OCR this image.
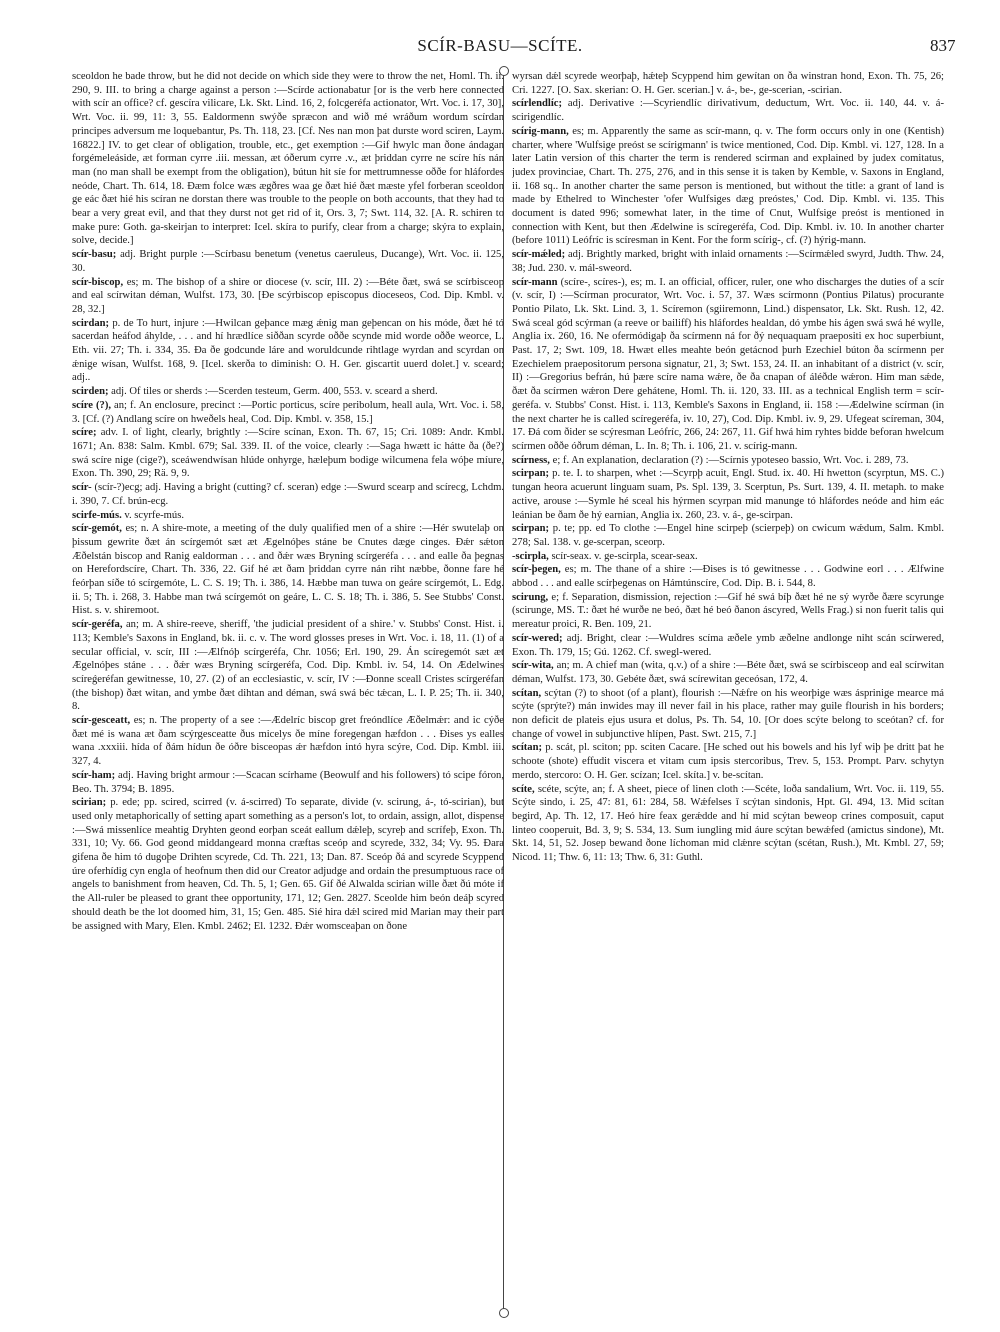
SCÍR-BASU—SCÍTE.	837

sceoldon he bade throw, but he did not decide on which side they were to throw the net, Homl. Th. ii. 290, 9. III. to bring a charge against a person :—Scírde actionabatur [or is the verb here connected with scír an office? cf. gescíra vilicare, Lk. Skt. Lind. 16, 2, folcgeréfa actionator, Wrt. Voc. i. 17, 30], Wrt. Voc. ii. 99, 11: 3, 55. Ealdormenn swýðe spræcon and wið mé wráðum wordum scírdan principes adversum me loquebantur, Ps. Th. 118, 23. [Cf. Nes nan mon þat durste word sciren, Laym. 16822.] IV. to get clear of obligation, trouble, etc., get exemption :—Gif hwylc man ðone ándagan forgémeleáside, æt forman cyrre .iii. messan, æt óðerum cyrre .v., æt þriddan cyrre ne scíre hís nán man (no man shall be exempt from the obligation), bútun hit síe for mettrumnesse oððe for hláfordes neóde, Chart. Th. 614, 18. Ðæm folce wæs ægðres waa ge ðæt hié ðæt mæste yfel forberan sceoldon ge eác ðæt hié his scíran ne dorstan there was trouble to the people on both accounts, that they had to bear a very great evil, and that they durst not get rid of it, Ors. 3, 7; Swt. 114, 32. [A. R. schiren to make pure: Goth. ga-skeirjan to interpret: Icel. skíra to purify, clear from a charge; skýra to explain, solve, decide.]

scír-basu; adj. Bright purple :—Scírbasu benetum (venetus caeruleus, Ducange), Wrt. Voc. ii. 125, 30.

scír-biscop, es; m. The bishop of a shire or diocese (v. scír, III. 2) :—Béte ðæt, swá se scírbisceop and eal scírwitan déman, Wulfst. 173, 30. [Ðe scýrbiscop episcopus dioceseos, Cod. Dip. Kmbl. v. 28, 32.]

scirdan; p. de To hurt, injure :—Hwilcan geþance mæg ǽnig man geþencan on his móde, ðæt hé tó sacerdan heáfod áhylde, . . . and hí hrædlíce siððan scyrde oððe scynde mid worde oððe weorce, L. Eth. vii. 27; Th. i. 334, 35. Ða ðe godcunde láre and woruldcunde rihtlage wyrdan and scyrdan on ǽnige wísan, Wulfst. 168, 9. [Icel. skerða to diminish: O. H. Ger. giscartit uuerd dolet.] v. sceard; adj..

scirden; adj. Of tiles or sherds :—Scerden testeum, Germ. 400, 553. v. sceard a sherd.

scíre (?), an; f. An enclosure, precinct :—Portic porticus, scíre peribolum, heall aula, Wrt. Voc. i. 58, 3. [Cf. (?) Andlang scíre on hweðels heal, Cod. Dip. Kmbl. v. 358, 15.]

scíre; adv. I. of light, clearly, brightly :—Scíre scínan, Exon. Th. 67, 15; Cri. 1089: Andr. Kmbl. 1671; An. 838: Salm. Kmbl. 679; Sal. 339. II. of the voice, clearly :—Saga hwætt ic hátte ða (ðe?) swá scíre nige (cige?), sceáwendwísan hlúde onhyrge, hæleþum bodige wilcumena fela wóþe míure, Exon. Th. 390, 29; Rä. 9, 9.

scír- (scír-?)ecg; adj. Having a bright (cutting? cf. sceran) edge :—Swurd scearp and scírecg, Lchdm. i. 390, 7. Cf. brún-ecg.

scirfe-mús. v. scyrfe-mús.

scír-gemót, es; n. A shire-mote, a meeting of the duly qualified men of a shire :—Hér swutelaþ on þissum gewrite ðæt án scírgemót sæt æt Ægelnóþes stáne be Cnutes dæge cinges. Ðǽr sǽton Æðelstán biscop and Ranig ealdorman . . . and ðǽr wæs Bryning scírgeréfa . . . and ealle ða þegnas on Herefordscíre, Chart. Th. 336, 22. Gif hé æt ðam þriddan cyrre nán riht næbbe, ðonne fare hé feórþan síðe tó scírgemóte, L. C. S. 19; Th. i. 386, 14. Hæbbe man tuwa on geáre scírgemót, L. Edg. ii. 5; Th. i. 268, 3. Habbe man twá scírgemót on geáre, L. C. S. 18; Th. i. 386, 5. See Stubbs' Const. Hist. s. v. shiremoot.

scír-geréfa, an; m. A shire-reeve, sheriff, 'the judicial president of a shire.' v. Stubbs' Const. Hist. i. 113; Kemble's Saxons in England, bk. ii. c. v. The word glosses preses in Wrt. Voc. i. 18, 11. (1) of a secular official, v. scír, III :—Ælfnóþ scírgeréfa, Chr. 1056; Erl. 190, 29. Án scíregemót sæt æt Ægelnóþes stáne . . . ðǽr wæs Bryning scírgeréfa, Cod. Dip. Kmbl. iv. 54, 14. On Ædelwines scíreǵeréfan gewitnesse, 10, 27. (2) of an ecclesiastic, v. scír, IV :—Ðonne sceall Cristes scírgeréfan (the bishop) ðæt witan, and ymbe ðæt dihtan and déman, swá swá béc tǽcan, L. I. P. 25; Th. ii. 340, 8.

scír-gesceatt, es; n. The property of a see :—Ædelríc biscop gret freóndlíce Æðelmǽr: and ic cýðe ðæt mé is wana æt ðam scýrgesceatte ðus micelys ðe míne foregengan hæfdon . . . Ðises ys ealles wana .xxxiii. hída of ðám hídun ðe óðre bisceopas ǽr hæfdon intó hyra scýre, Cod. Dip. Kmbl. iii. 327, 4.

scír-ham; adj. Having bright armour :—Scacan scírhame (Beowulf and his followers) tó scipe fóron, Beo. Th. 3794; B. 1895.

scirian; p. ede; pp. scired, scirred (v. á-scirred) To separate, divide (v. scirung, á-, tó-scirian), but used only metaphorically of setting apart something as a person's lot, to ordain, assign, allot, dispense :—Swá missenlíce meahtig Dryhten geond eorþan sceát eallum dǽleþ, scyreþ and scrífeþ, Exon. Th. 331, 10; Vy. 66. God geond middangeard monna cræftas sceóp and scyrede, 332, 34; Vy. 95. Ðara gifena ðe him tó dugoþe Drihten scyrede, Cd. Th. 221, 13; Dan. 87. Sceóp ðá and scyrede Scyppend úre oferhídig cyn engla of heofnum then did our Creator adjudge and ordain the presumptuous race of angels to banishment from heaven, Cd. Th. 5, 1; Gen. 65. Gif ðé Alwalda scirian wille ðæt ðú móte if the All-ruler be pleased to grant thee opportunity, 171, 12; Gen. 2827. Sceolde him beón deáþ scyred should death be the lot doomed him, 31, 15; Gen. 485. Sié hira dǽl scired mid Marian may their part be assigned with Mary, Elen. Kmbl. 2462; El. 1232. Ðǽr womsceaþan on ðone

wyrsan dǽl scyrede weorþaþ, hǽteþ Scyppend him gewítan on ða winstran hond, Exon. Th. 75, 26; Cri. 1227. [O. Sax. skerian: O. H. Ger. scerian.] v. á-, be-, ge-scerian, -scirian.

scírlendlíc; adj. Derivative :—Scyriendlíc dirivativum, deductum, Wrt. Voc. ii. 140, 44. v. á-scirigendlíc.

scírig-mann, es; m. Apparently the same as scír-mann, q. v. The form occurs only in one (Kentish) charter, where 'Wulfsige preóst se scírigmann' is twice mentioned, Cod. Dip. Kmbl. vi. 127, 128. In a later Latin version of this charter the term is rendered scirman and explained by judex comitatus, judex provinciae, Chart. Th. 275, 276, and in this sense it is taken by Kemble, v. Saxons in England, ii. 168 sq.. In another charter the same person is mentioned, but without the title: a grant of land is made by Ethelred to Winchester 'ofer Wulfsiges dæg preóstes,' Cod. Dip. Kmbl. vi. 135. This document is dated 996; somewhat later, in the time of Cnut, Wulfsige preóst is mentioned in connection with Kent, but then Ædelwine is scíregeréfa, Cod. Dip. Kmbl. iv. 10. In another charter (before 1011) Leófríc is scíresman in Kent. For the form scírig-, cf. (?) hýrig-mann.

scír-mǽled; adj. Brightly marked, bright with inlaid ornaments :—Scírmǽled swyrd, Judth. Thw. 24, 38; Jud. 230. v. mál-sweord.

scír-mann (scíre-, scíres-), es; m. I. an official, officer, ruler, one who discharges the duties of a scír (v. scír, I) :—Scírman procurator, Wrt. Voc. i. 57, 37. Wæs scírmonn (Pontius Pilatus) procurante Pontio Pilato, Lk. Skt. Lind. 3, 1. Scíremon (sgiiremonn, Lind.) dispensator, Lk. Skt. Rush. 12, 42. Swá sceal gód scýrman (a reeve or bailiff) his hláfordes healdan, dó ymbe his ágen swá swá hé wylle, Anglia ix. 260, 16. Ne ofermódigaþ ða scírmenn ná for ðý nequaquam praepositi ex hoc superbiunt, Past. 17, 2; Swt. 109, 18. Hwæt elles meahte beón getácnod þurh Ezechiel búton ða scírmenn per Ezechielem praepositorum persona signatur, 21, 3; Swt. 153, 24. II. an inhabitant of a district (v. scír, II) :—Gregorius befrán, hú þære scíre nama wǽre, ðe ða cnapan of áléðde wǽron. Him man sǽde, ðæt ða scírmen wǽron Dere gehátene, Homl. Th. ii. 120, 33. III. as a technical English term = scír-geréfa. v. Stubbs' Const. Hist. i. 113, Kemble's Saxons in England, ii. 158 :—Ædelwine scírman (in the next charter he is called scíregeréfa, iv. 10, 27), Cod. Dip. Kmbl. iv. 9, 29. Ufegeat scíreman, 304, 17. Ðá com ðider se scýresman Leófríc, 266, 24: 267, 11. Gif hwá him ryhtes bidde beforan hwelcum scírmen oððe óðrum déman, L. In. 8; Th. i. 106, 21. v. scírig-mann.

scírness, e; f. An explanation, declaration (?) :—Scírnis ypoteseo bassio, Wrt. Voc. i. 289, 73.

scirpan; p. te. I. to sharpen, whet :—Scyrpþ acuit, Engl. Stud. ix. 40. Hí hwetton (scyrptun, MS. C.) tungan heora acuerunt linguam suam, Ps. Spl. 139, 3. Scerptun, Ps. Surt. 139, 4. II. metaph. to make active, arouse :—Symle hé sceal his hýrmen scyrpan mid manunge tó hláfordes neóde and him eác leánian be ðam ðe hý earnian, Anglia ix. 260, 23. v. á-, ge-scirpan.

scirpan; p. te; pp. ed To clothe :—Engel hine scirpeþ (scierpeþ) on cwicum wǽdum, Salm. Kmbl. 278; Sal. 138. v. ge-scerpan, sceorp.

-scirpla, scír-seax. v. ge-scirpla, scear-seax.

scír-þegen, es; m. The thane of a shire :—Ðises is tó gewitnesse . . . Godwine eorl . . . Ælfwine abbod . . . and ealle scírþegenas on Hámtúnscíre, Cod. Dip. B. i. 544, 8.

scirung, e; f. Separation, dismission, rejection :—Gif hé swá bíþ ðæt hé ne sý wyrðe ðære scyrunge (scirunge, MS. T.: ðæt hé wurðe ne beó, ðæt hé beó ðanon áscyred, Wells Frag.) si non fuerit talis qui mereatur proici, R. Ben. 109, 21.

scír-wered; adj. Bright, clear :—Wuldres scíma æðele ymb æðelne andlonge niht scán scírwered, Exon. Th. 179, 15; Gú. 1262. Cf. swegl-wered.

scír-wita, an; m. A chief man (wita, q.v.) of a shire :—Béte ðæt, swá se scírbisceop and eal scírwitan déman, Wulfst. 173, 30. Gebéte ðæt, swá scírewitan geceósan, 172, 4.

scítan, scýtan (?) to shoot (of a plant), flourish :—Nǽfre on his weorþige wæs ásprinige mearce má scýte (sprýte?) mán inwides may ill never fail in his place, rather may guile flourish in his borders; non deficit de plateis ejus usura et dolus, Ps. Th. 54, 10. [Or does scýte belong to sceótan? cf. for change of vowel in subjunctive hlípen, Past. Swt. 215, 7.]

scítan; p. scát, pl. sciton; pp. sciten Cacare. [He sched out his bowels and his lyf wiþ þe dritt þat he schoote (shote) effudit viscera et vitam cum ipsis stercoribus, Trev. 5, 153. Prompt. Parv. schytyn merdo, stercoro: O. H. Ger. scízan; Icel. skíta.] v. be-scítan.

scíte, scéte, scýte, an; f. A sheet, piece of linen cloth :—Scéte, loða sandalium, Wrt. Voc. ii. 119, 55. Scýte sindo, i. 25, 47: 81, 61: 284, 58. Wǽfelses ǐ scýtan sindonis, Hpt. Gl. 494, 13. Mid scítan begird, Ap. Th. 12, 17. Heó híre feax gerǽdde and hí mid scýtan beweop crines composuit, caput linteo cooperuit, Bd. 3, 9; S. 534, 13. Sum iungling mid áure scýtan bewǽfed (amictus sindone), Mt. Skt. 14, 51, 52. Josep bewand ðone líchoman mid clǽnre scýtan (scétan, Rush.), Mt. Kmbl. 27, 59; Nicod. 11; Thw. 6, 11: 13; Thw. 6, 31: Guthl.
